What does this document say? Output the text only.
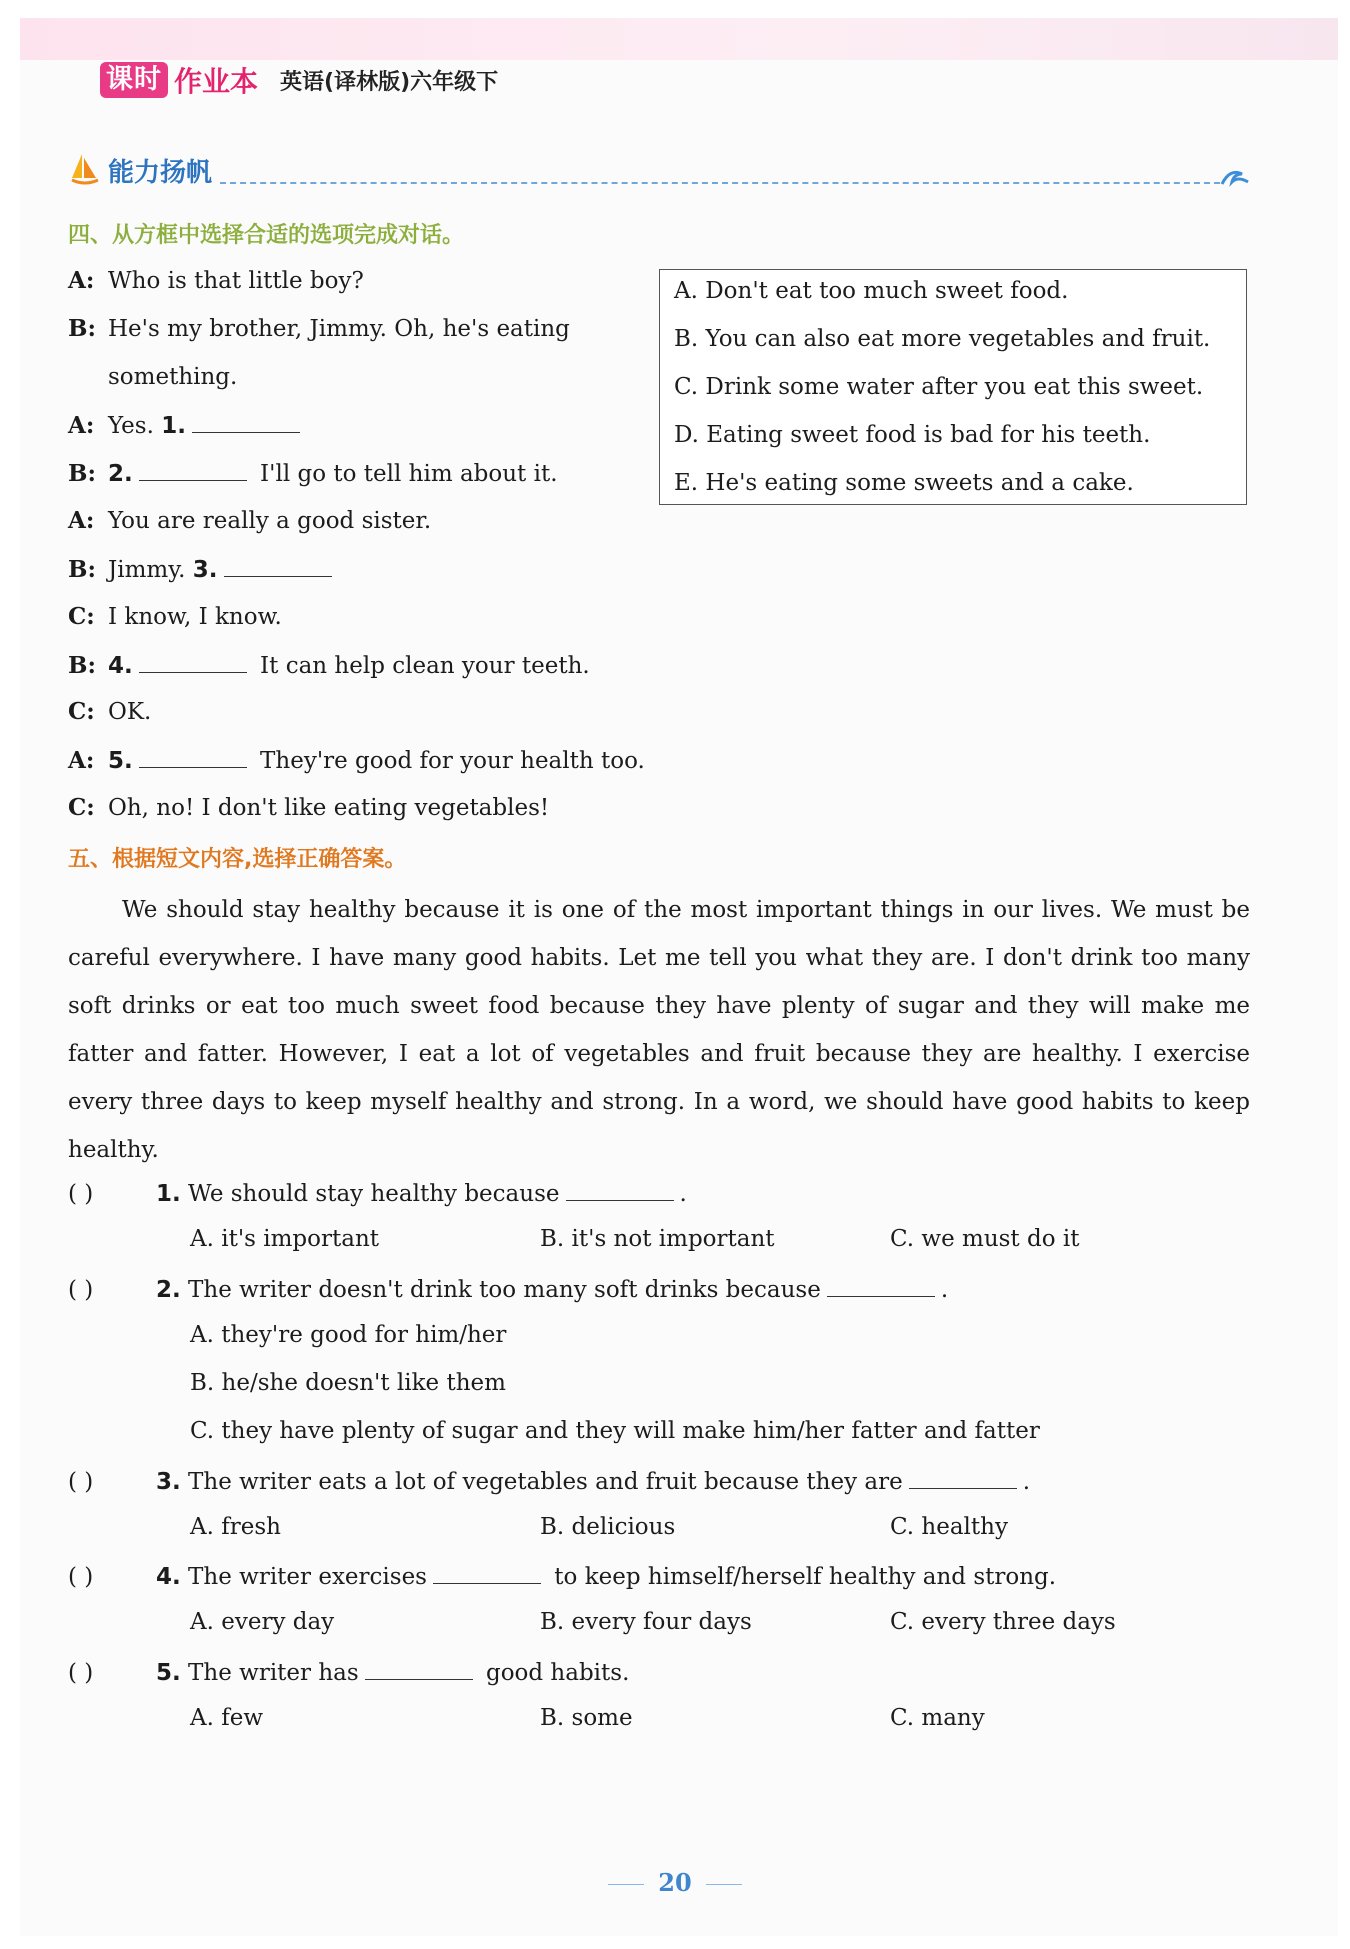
课时 作业本 英语(译林版)六年级下
能力扬帆
四、从方框中选择合适的选项完成对话。
A: Who is that little boy?
B: He's my brother, Jimmy. Oh, he's eating
something.
A: Yes. 1.
B: 2.	I'll go to tell him about it.
A: You are really a good sister.
B: Jimmy. 3.
C: I know, I know.
B: 4.	It can help clean your teeth.
C: OK.
A: 5.	They're good for your health too.
C: Oh, no! I don't like eating vegetables!
A. Don't eat too much sweet food.
B. You can also eat more vegetables and fruit.
C. Drink some water after you eat this sweet.
D. Eating sweet food is bad for his teeth.
E. He's eating some sweets and a cake.
五、根据短文内容,选择正确答案。
We should stay healthy because it is one of the most important things in our lives. We must be careful everywhere. I have many good habits. Let me tell you what they are. I don't drink too many soft drinks or eat too much sweet food because they have plenty of sugar and they will make me fatter and fatter. However, I eat a lot of vegetables and fruit because they are healthy. I exercise every three days to keep myself healthy and strong. In a word, we should have good habits to keep healthy.
( )	1. We should stay healthy because	.
A. it's important	B. it's not important	C. we must do it
( )	2. The writer doesn't drink too many soft drinks because	.
A. they're good for him/her
B. he/she doesn't like them
C. they have plenty of sugar and they will make him/her fatter and fatter
( )	3. The writer eats a lot of vegetables and fruit because they are	.
A. fresh	B. delicious	C. healthy
( )	4. The writer exercises	to keep himself/herself healthy and strong.
A. every day	B. every four days	C. every three days
( )	5. The writer has	good habits.
A. few	B. some	C. many
20
